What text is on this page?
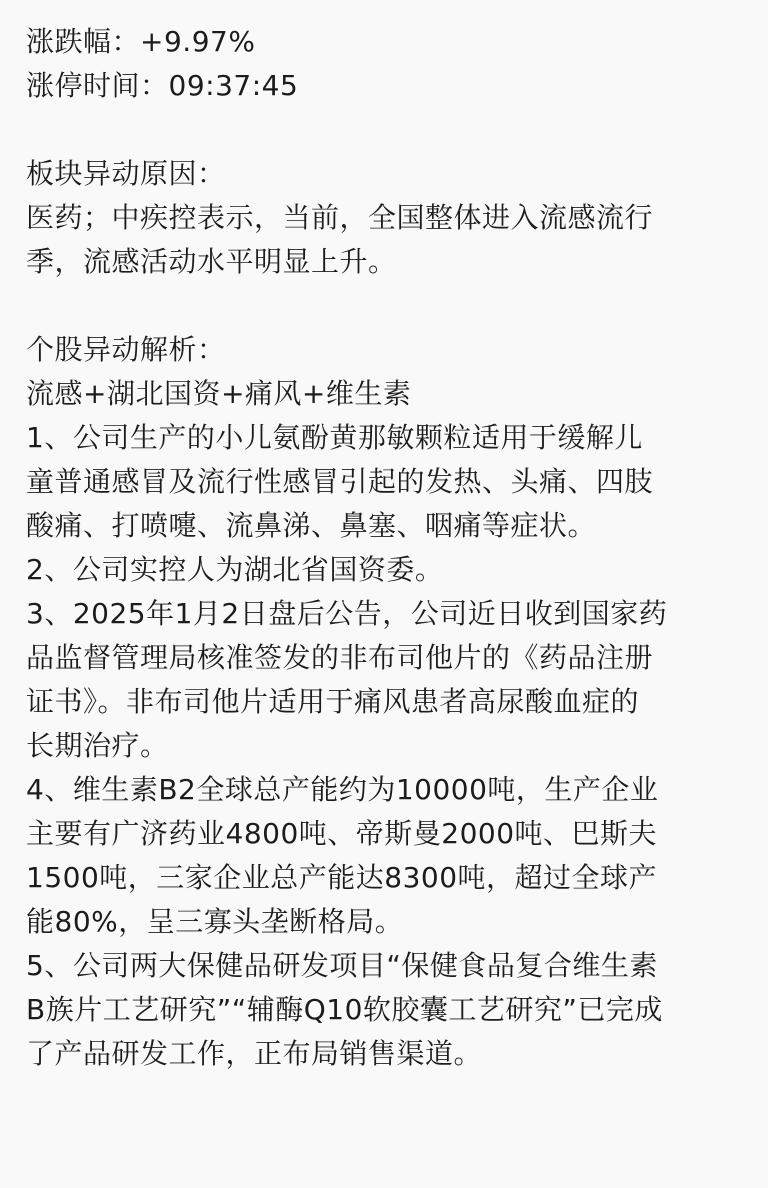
涨跌幅：+9.97%
涨停时间：09:37:45
板块异动原因：
医药；中疾控表示，当前，全国整体进入流感流行
季，流感活动水平明显上升。
个股异动解析：
流感+湖北国资+痛风+维生素
1、公司生产的小儿氨酚黄那敏颗粒适用于缓解儿
童普通感冒及流行性感冒引起的发热、头痛、四肢
酸痛、打喷嚏、流鼻涕、鼻塞、咽痛等症状。
2、公司实控人为湖北省国资委。
3、2025年1月2日盘后公告，公司近日收到国家药
品监督管理局核准签发的非布司他片的《药品注册
证书》。非布司他片适用于痛风患者高尿酸血症的
长期治疗。
4、维生素B2全球总产能约为10000吨，生产企业
主要有广济药业4800吨、帝斯曼2000吨、巴斯夫
1500吨，三家企业总产能达8300吨，超过全球产
能80%，呈三寡头垄断格局。
5、公司两大保健品研发项目“保健食品复合维生素
B族片工艺研究”“辅酶Q10软胶囊工艺研究”已完成
了产品研发工作，正布局销售渠道。
